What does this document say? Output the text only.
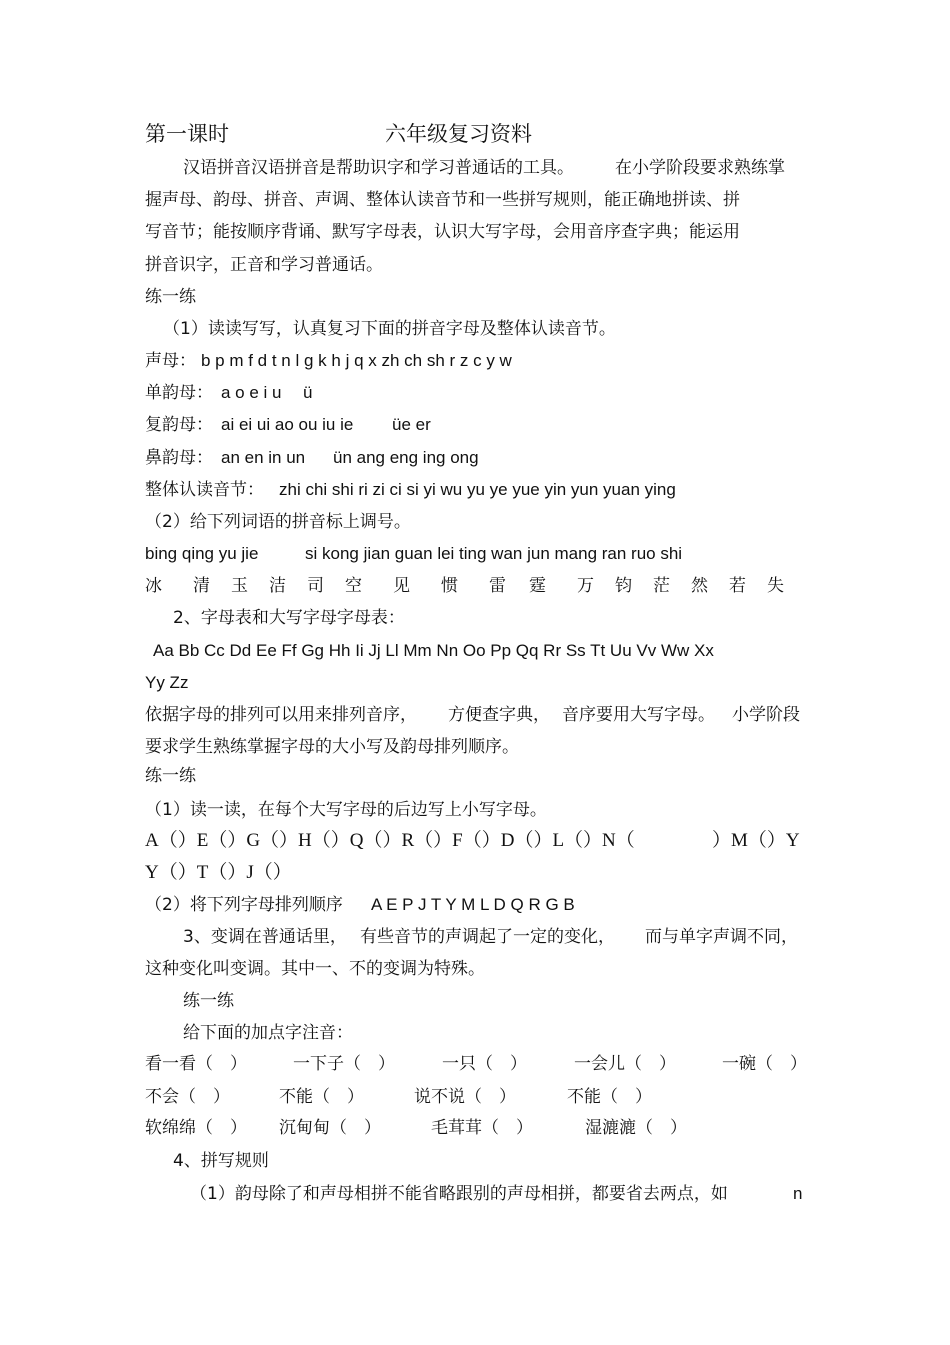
第一课时	六年级复习资料
汉语拼音汉语拼音是帮助识字和学习普通话的工具。 在小学阶段要求熟练掌
握声母、韵母、拼音、声调、整体认读音节和一些拼写规则，能正确地拼读、拼
写音节；能按顺序背诵、默写字母表，认识大写字母，会用音序查字典；能运用
拼音识字，正音和学习普通话。
练一练
（1）读读写写，认真复习下面的拼音字母及整体认读音节。
声母： b p m f d t n l g k h j q x zh ch sh r z c y w
单韵母： a o e i u ü
复韵母： ai ei ui ao ou iu ie üe er
鼻韵母： an en in un ün ang eng ing ong
整体认读音节： zhi chi shi ri zi ci si yi wu yu ye yue yin yun yuan ying
（2）给下列词语的拼音标上调号。
bing qing yu jie	si kong jian guan lei ting wan jun mang ran ruo shi
冰 清 玉 洁 司 空 见 惯 雷 霆 万 钧 茫 然 若 失
2、字母表和大写字母字母表：
Aa Bb Cc Dd Ee Ff Gg Hh Ii Jj Ll Mm Nn Oo Pp Qq Rr Ss Tt Uu Vv Ww Xx
Yy Zz
依据字母的排列可以用来排列音序， 方便查字典， 音序要用大写字母。 小学阶段
要求学生熟练掌握字母的大小写及韵母排列顺序。
练一练
（1）读一读，在每个大写字母的后边写上小写字母。
A（）E（）G（）H（）Q（）R（）F（）D（）L（）N（	）M（）Y
Y（）T（）J（）
（2）将下列字母排列顺序 A E P J T Y M L D Q R G B
3、变调在普通话里， 有些音节的声调起了一定的变化， 而与单字声调不同，
这种变化叫变调。其中一、不的变调为特殊。
练一练
给下面的加点字注音：
看一看（　）	一下子（　）	一只（　）	一会儿（　）	一碗（　）
不会（　）	不能（　）	说不说（　）	不能（　）
软绵绵（　） 沉甸甸（　）	毛茸茸（　）	湿漉漉（　）
4、拼写规则
（1）韵母除了和声母相拼不能省略跟别的声母相拼，都要省去两点，如	n
